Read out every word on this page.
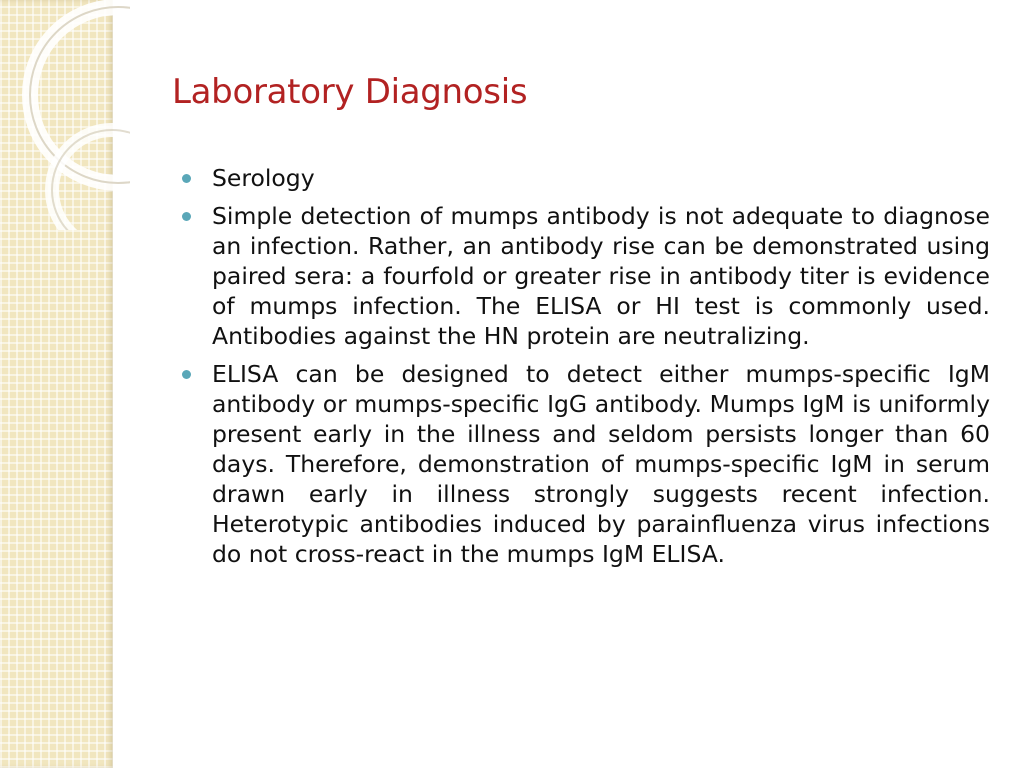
Laboratory Diagnosis
Serology
Simple detection of mumps antibody is not adequate to diagnose an infection. Rather, an antibody rise can be demonstrated using paired sera: a fourfold or greater rise in antibody titer is evidence of mumps infection. The ELISA or HI test is commonly used. Antibodies against the HN protein are neutralizing.
ELISA can be designed to detect either mumps-specific IgM antibody or mumps-specific IgG antibody. Mumps IgM is uniformly present early in the illness and seldom persists longer than 60 days. Therefore, demonstration of mumps-specific IgM in serum drawn early in illness strongly suggests recent infection. Heterotypic antibodies induced by parainfluenza virus infections do not cross-react in the mumps IgM ELISA.
